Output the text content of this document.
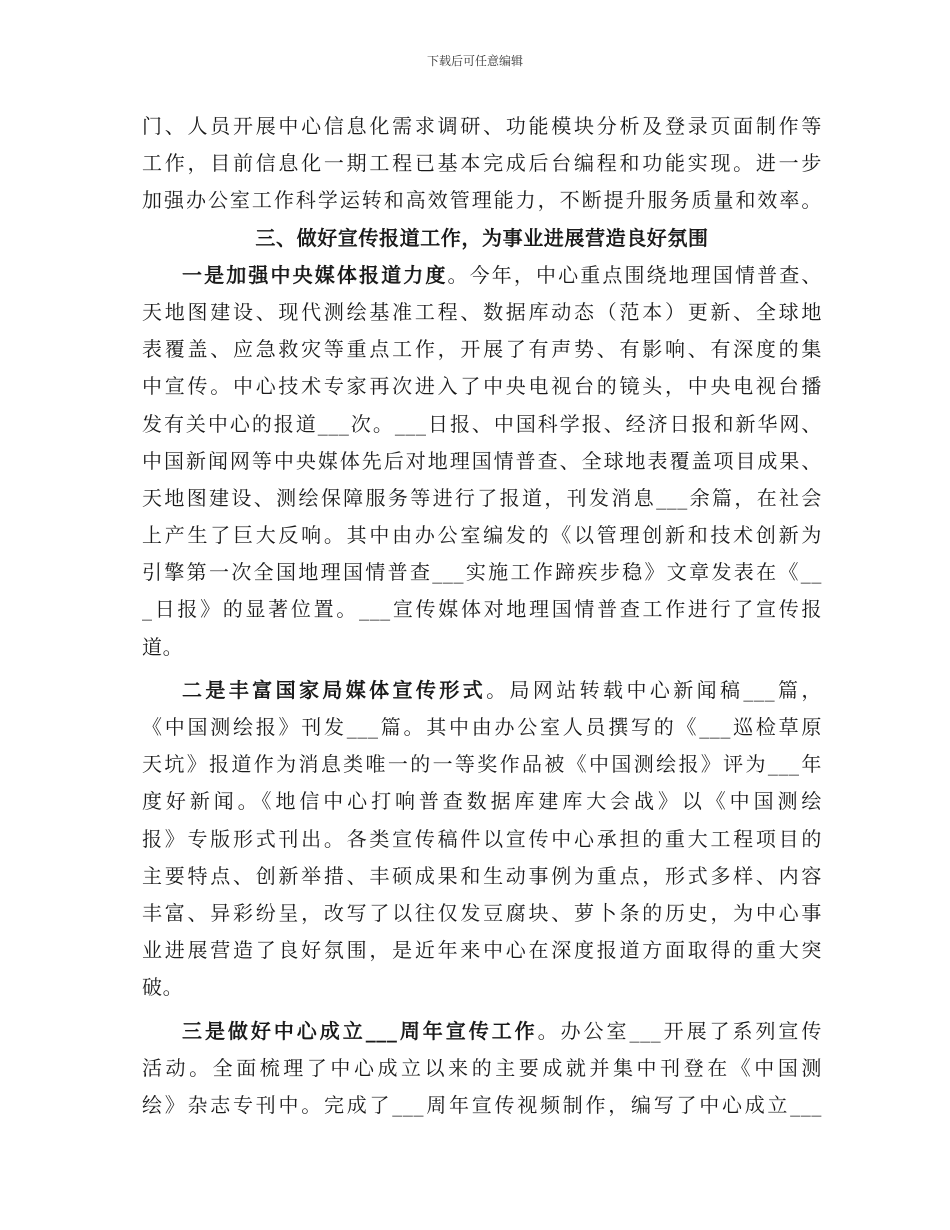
下载后可任意编辑
门、人员开展中心信息化需求调研、功能模块分析及登录页面制作等
工作，目前信息化一期工程已基本完成后台编程和功能实现。进一步
加强办公室工作科学运转和高效管理能力，不断提升服务质量和效率。
三、做好宣传报道工作，为事业进展营造良好氛围
一是加强中央媒体报道力度。今年，中心重点围绕地理国情普查、
天地图建设、现代测绘基准工程、数据库动态（范本）更新、全球地
表覆盖、应急救灾等重点工作，开展了有声势、有影响、有深度的集
中宣传。中心技术专家再次进入了中央电视台的镜头，中央电视台播
发有关中心的报道___次。___日报、中国科学报、经济日报和新华网、
中国新闻网等中央媒体先后对地理国情普查、全球地表覆盖项目成果、
天地图建设、测绘保障服务等进行了报道，刊发消息___余篇，在社会
上产生了巨大反响。其中由办公室编发的《以管理创新和技术创新为
引擎第一次全国地理国情普查___实施工作蹄疾步稳》文章发表在《__
_日报》的显著位置。___宣传媒体对地理国情普查工作进行了宣传报
道。
二是丰富国家局媒体宣传形式。局网站转载中心新闻稿___篇，
《中国测绘报》刊发___篇。其中由办公室人员撰写的《___巡检草原
天坑》报道作为消息类唯一的一等奖作品被《中国测绘报》评为___年
度好新闻。《地信中心打响普查数据库建库大会战》以《中国测绘
报》专版形式刊出。各类宣传稿件以宣传中心承担的重大工程项目的
主要特点、创新举措、丰硕成果和生动事例为重点，形式多样、内容
丰富、异彩纷呈，改写了以往仅发豆腐块、萝卜条的历史，为中心事
业进展营造了良好氛围，是近年来中心在深度报道方面取得的重大突
破。
三是做好中心成立___周年宣传工作。办公室___开展了系列宣传
活动。全面梳理了中心成立以来的主要成就并集中刊登在《中国测
绘》杂志专刊中。完成了___周年宣传视频制作，编写了中心成立___
